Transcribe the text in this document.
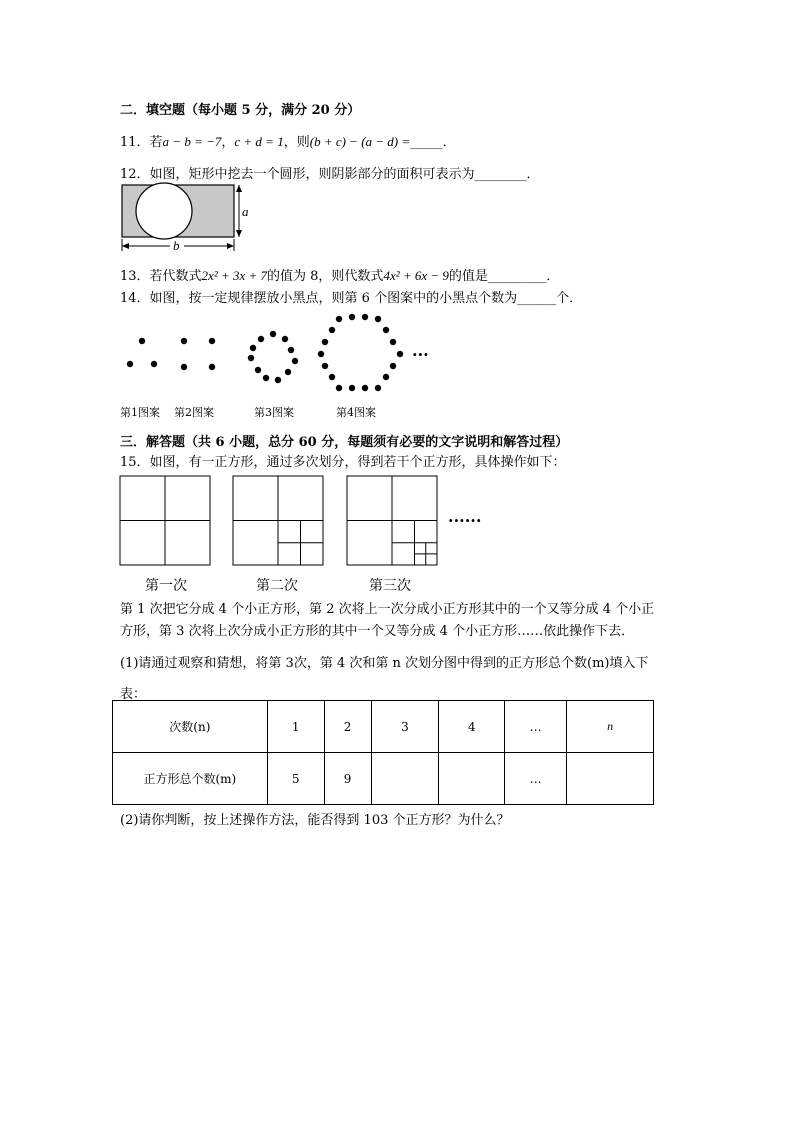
二．填空题（每小题 5 分，满分 20 分）
11．若a − b = −7，c + d = 1，则(b + c) − (a − d) =_____．
12．如图，矩形中挖去一个圆形，则阴影部分的面积可表示为________．
a
b
13．若代数式2x² + 3x + 7的值为 8，则代数式4x² + 6x − 9的值是_________．
14．如图，按一定规律摆放小黑点，则第 6 个图案中的小黑点个数为______个．
···
第1图案 第2图案	第3图案	第4图案
三．解答题（共 6 小题，总分 60 分，每题须有必要的文字说明和解答过程）
15．如图，有一正方形，通过多次划分，得到若干个正方形，具体操作如下：
······
第一次	第二次	第三次
第 1 次把它分成 4 个小正方形，第 2 次将上一次分成小正方形其中的一个又等分成 4 个小正
方形，第 3 次将上次分成小正方形的其中一个又等分成 4 个小正方形……依此操作下去．
(1)请通过观察和猜想，将第 3次，第 4 次和第 n 次划分图中得到的正方形总个数(m)填入下
表：
次数(n)	1	2	3	4	…	n
正方形总个数(m)	5	9			…	
(2)请你判断，按上述操作方法，能否得到 103 个正方形？为什么？
